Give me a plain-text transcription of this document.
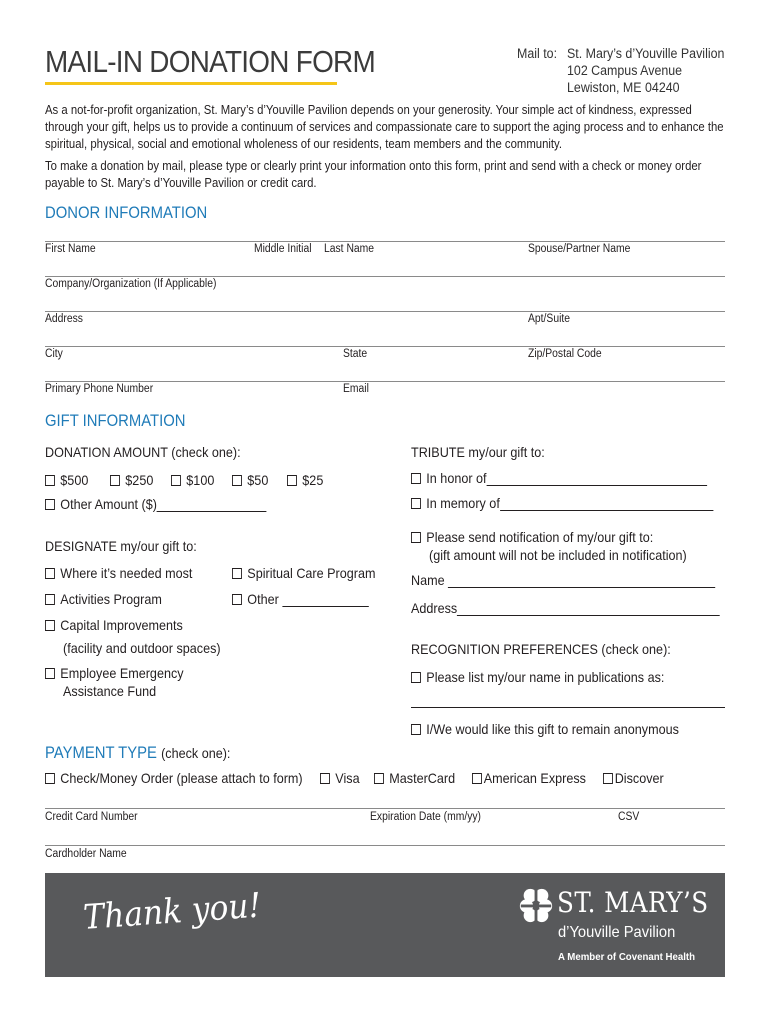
MAIL-IN DONATION FORM	Mail to: St. Mary’s d’Youville Pavilion
102 Campus Avenue
Lewiston, ME 04240
As a not-for-profit organization, St. Mary’s d’Youville Pavilion depends on your generosity. Your simple act of kindness, expressed through your gift, helps us to provide a continuum of services and compassionate care to support the aging process and to enhance the spiritual, physical, social and emotional wholeness of our residents, team members and the community.
To make a donation by mail, please type or clearly print your information onto this form, print and send with a check or money order payable to St. Mary’s d’Youville Pavilion or credit card.
DONOR INFORMATION
First Name	Middle Initial Last Name	Spouse/Partner Name
Company/Organization (If Applicable)
Address	Apt/Suite
City	State	Zip/Postal Code
Primary Phone Number	Email
GIFT INFORMATION
DONATION AMOUNT (check one):
$500	$250	$100	$50	$25
Other Amount ($)
DESIGNATE my/our gift to:
Where it’s needed most	Spiritual Care Program
Activities Program	Other
Capital Improvements
(facility and outdoor spaces)
Employee Emergency
Assistance Fund
TRIBUTE my/our gift to:
In honor of
In memory of
Please send notification of my/our gift to:
(gift amount will not be included in notification)
Name
Address
RECOGNITION PREFERENCES (check one):
Please list my/our name in publications as:
I/We would like this gift to remain anonymous
PAYMENT TYPE (check one):
Check/Money Order (please attach to form)	Visa	MasterCard	American Express	Discover
Credit Card Number	Expiration Date (mm/yy)	CSV
Cardholder Name
Thank you!	ST. MARY’S
d’Youville Pavilion
A Member of Covenant Health
